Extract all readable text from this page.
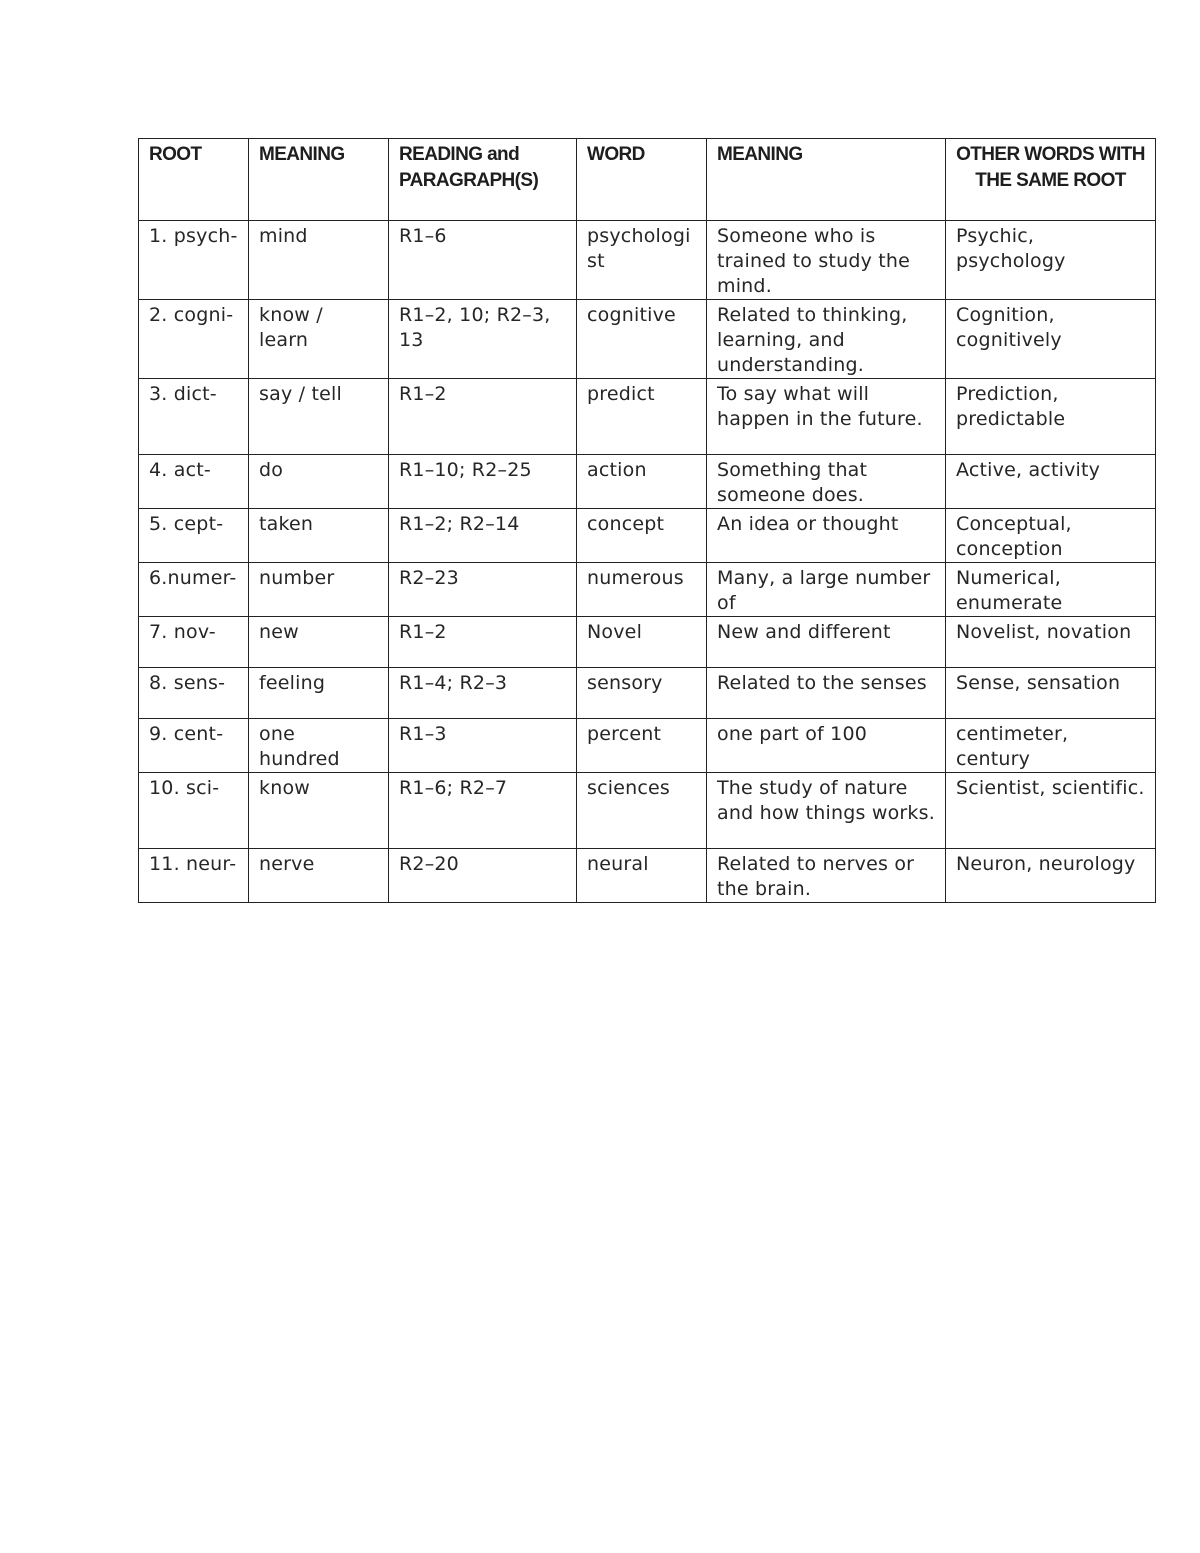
ROOT	MEANING	READING and PARAGRAPH(S)	WORD	MEANING	OTHER WORDS WITH THE SAME ROOT
1. psych-	mind	R1–6	psychologist	Someone who is trained to study the mind.	Psychic, psychology
2. cogni-	know / learn	R1–2, 10; R2–3, 13	cognitive	Related to thinking, learning, and understanding.	Cognition, cognitively
3. dict-	say / tell	R1–2	predict	To say what will happen in the future.	Prediction, predictable
4. act-	do	R1–10; R2–25	action	Something that someone does.	Active, activity
5. cept-	taken	R1–2; R2–14	concept	An idea or thought	Conceptual, conception
6.numer-	number	R2–23	numerous	Many, a large number of	Numerical, enumerate
7. nov-	new	R1–2	Novel	New and different	Novelist, novation
8. sens-	feeling	R1–4; R2–3	sensory	Related to the senses	Sense, sensation
9. cent-	one hundred	R1–3	percent	one part of 100	centimeter, century
10. sci-	know	R1–6; R2–7	sciences	The study of nature and how things works.	Scientist, scientific.
11. neur-	nerve	R2–20	neural	Related to nerves or the brain.	Neuron, neurology
